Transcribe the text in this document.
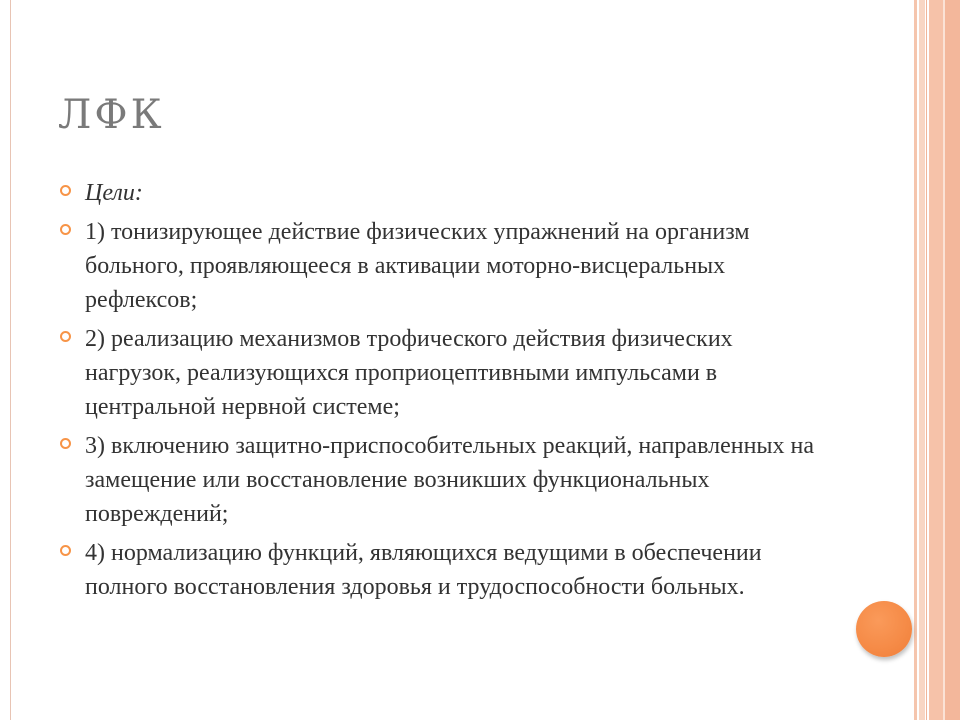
ЛФК
Цели:
1) тонизирующее действие физических упражнений на организм больного, проявляющееся в активации моторно-висцеральных рефлексов;
2) реализацию механизмов трофического действия физических нагрузок, реализующихся проприоцептивными импульсами в центральной нервной системе;
3) включению защитно-приспособительных реакций, направленных на замещение или восстановление возникших функциональных повреждений;
4) нормализацию функций, являющихся ведущими в обеспечении полного восстановления здоровья и трудоспособности больных.
